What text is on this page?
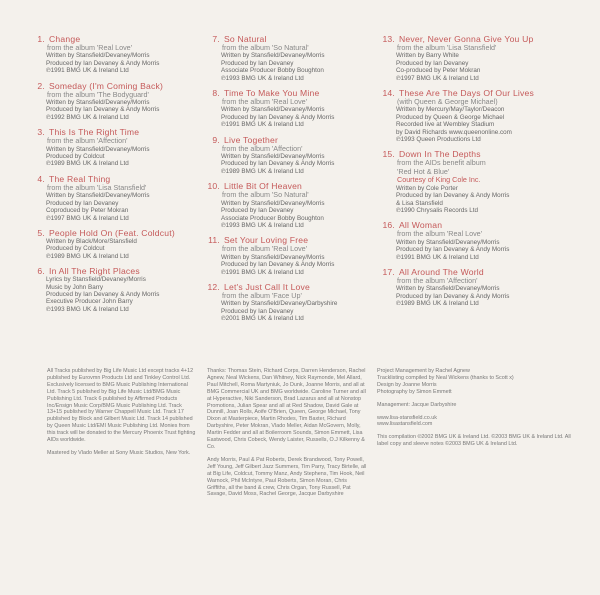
1. Change
from the album 'Real Love'
Written by Stansfield/Devaney/Morris
Produced by Ian Devaney & Andy Morris
℗1991 BMG UK & Ireland Ltd
2. Someday (I'm Coming Back)
from the album 'The Bodyguard'
Written by Stansfield/Devaney/Morris
Produced by Ian Devaney & Andy Morris
℗1992 BMG UK & Ireland Ltd
3. This Is The Right Time
from the album 'Affection'
Written by Stansfield/Devaney/Morris
Produced by Coldcut
℗1989 BMG UK & Ireland Ltd
4. The Real Thing
from the album 'Lisa Stansfield'
Written by Stansfield/Devaney/Morris
Produced by Ian Devaney
Coproduced by Peter Mokran
℗1997 BMG UK & Ireland Ltd
5. People Hold On (Feat. Coldcut)
Written by Black/More/Stansfield
Produced by Coldcut
℗1989 BMG UK & Ireland Ltd
6. In All The Right Places
Lyrics by Stansfield/Devaney/Morris
Music by John Barry
Produced by Ian Devaney & Andy Morris
Executive Producer John Barry
℗1993 BMG UK & Ireland Ltd
7. So Natural
from the album 'So Natural'
Written by Stansfield/Devaney/Morris
Produced by Ian Devaney
Associate Producer Bobby Boughton
℗1993 BMG UK & Ireland Ltd
8. Time To Make You Mine
from the album 'Real Love'
Written by Stansfield/Devaney/Morris
Produced by Ian Devaney & Andy Morris
℗1991 BMG UK & Ireland Ltd
9. Live Together
from the album 'Affection'
Written by Stansfield/Devaney/Morris
Produced by Ian Devaney & Andy Morris
℗1989 BMG UK & Ireland Ltd
10. Little Bit Of Heaven
from the album 'So Natural'
Written by Stansfield/Devaney/Morris
Produced by Ian Devaney
Associate Producer Bobby Boughton
℗1993 BMG UK & Ireland Ltd
11. Set Your Loving Free
from the album 'Real Love'
Written by Stansfield/Devaney/Morris
Produced by Ian Devaney & Andy Morris
℗1991 BMG UK & Ireland Ltd
12. Let's Just Call It Love
from the album 'Face Up'
Written by Stansfield/Devaney/Darbyshire
Produced by Ian Devaney
℗2001 BMG UK & Ireland Ltd
13. Never, Never Gonna Give You Up
from the album 'Lisa Stansfield'
Written by Barry White
Produced by Ian Devaney
Co-produced by Peter Mokran
℗1997 BMG UK & Ireland Ltd
14. These Are The Days Of Our Lives
(with Queen & George Michael)
Written by Mercury/May/Taylor/Deacon
Produced by Queen & George Michael
Recorded live at Wembley Stadium
by David Richards www.queenonline.com
℗1993 Queen Productions Ltd
15. Down In The Depths
from the AIDs benefit album
'Red Hot & Blue'
Courtesy of King Cole Inc.
Written by Cole Porter
Produced by Ian Devaney & Andy Morris
& Lisa Stansfield
℗1990 Chrysalis Records Ltd
16. All Woman
from the album 'Real Love'
Written by Stansfield/Devaney/Morris
Produced by Ian Devaney & Andy Morris
℗1991 BMG UK & Ireland Ltd
17. All Around The World
from the album 'Affection'
Written by Stansfield/Devaney/Morris
Produced by Ian Devaney & Andy Morris
℗1989 BMG UK & Ireland Ltd

All Tracks published by Big Life Music Ltd except tracks 4+12 published by Eurovmn Products Ltd and Tinkley Control Ltd. Exclusively licensed to BMG Music Publishing International Ltd. Track 5 published by Big Life Music Ltd/BMG Music Publishing Ltd. Track 6 published by Affirmed Products Inc/Ensign Music Corp/BMG Music Publishing Ltd. Track 13+15 published by Warner Chappell Music Ltd. Track 17 published by Block and Gilbert Music Ltd. Track 14 published by Queen Music Ltd/EMI Music Publishing Ltd. Monies from this track will be donated to the Mercury Phoenix Trust fighting AIDs worldwide.

Mastered by Vlado Meller at Sony Music Studios, New York.

Thanks: Thomas Stein, Richard Corps, Darren Henderson, Rachel Agnew, Neal Wickens, Dan Whitney, Nick Raymonde, Mel Allard, Paul Mitchell, Roma Martyniuk, Jo Dunk, Joanne Morris, and all at BMG Commercial UK and BMG worldwide. Caroline Turner and all at Hyperactive, Niki Sanderson, Brad Lazarus and all at Nonstop Promotions, Julian Spear and all at Red Shadow, David Gale at Dunnill, Joan Rolls, Aoife O'Brien, Queen, George Michael, Tony Dixon at Masterpiece, Martin Rhodes, Tim Baxter, Richard Darbyshire, Peter Mokran, Vlado Meller, Aidan McGovern, Molly, Martin Fedder and all at Boilerroom Sounds, Simon Emmett, Lisa Eastwood, Chris Cobeck, Wendy Laister, Russells, O.J Kilkenny & Co.

Andy Morris, Paul & Pat Roberts, Derek Brandwood, Tony Powell, Jeff Young, Jeff Gilbert Jazz Summers, Tim Parry, Tracy Birtelle, all at Big Life, Coldcut, Tommy Manz, Andy Stephens, Tim Hook, Neil Warnock, Phil McIntyre, Paul Roberts, Simon Moran, Chris Griffiths, all the band & crew, Chris Organ, Tony Russell, Pat Savage, David Moss, Rachel George, Jacque Darbyshire

Project Management by Rachel Agnew
Tracklisting compiled by Neal Wickens (thanks to Scott x)
Design by Joanne Morris
Photography by Simon Emmett

Management: Jacque Darbyshire

www.lisa-stansfield.co.uk
www.lisastansfield.com

This compilation ℗2002 BMG UK & Ireland Ltd. ©2003 BMG UK & Ireland Ltd. All label copy and sleeve notes ©2003 BMG UK & Ireland Ltd.
